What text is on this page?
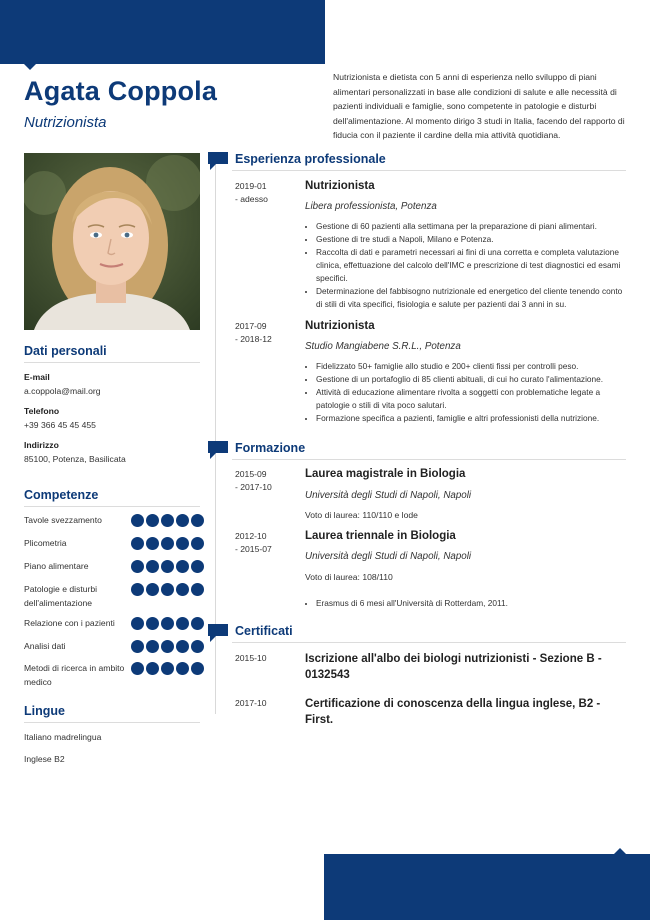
Agata Coppola
Nutrizionista
Nutrizionista e dietista con 5 anni di esperienza nello sviluppo di piani alimentari personalizzati in base alle condizioni di salute e alle necessità di pazienti individuali e famiglie, sono competente in patologie e disturbi dell'alimentazione. Al momento dirigo 3 studi in Italia, facendo del rapporto di fiducia con il paziente il cardine della mia attività quotidiana.
Dati personali
E-mail
a.coppola@mail.org
Telefono
+39 366 45 45 455
Indirizzo
85100, Potenza, Basilicata
Competenze
Tavole svezzamento
Plicometria
Piano alimentare
Patologie e disturbi dell'alimentazione
Relazione con i pazienti
Analisi dati
Metodi di ricerca in ambito medico
Lingue
Italiano madrelingua
Inglese B2
Esperienza professionale
2019-01
- adesso
Nutrizionista
Libera professionista, Potenza
• Gestione di 60 pazienti alla settimana per la preparazione di piani alimentari.
• Gestione di tre studi a Napoli, Milano e Potenza.
• Raccolta di dati e parametri necessari ai fini di una corretta e completa valutazione clinica, effettuazione del calcolo dell'IMC e prescrizione di test diagnostici ed esami specifici.
• Determinazione del fabbisogno nutrizionale ed energetico del cliente tenendo conto di stili di vita specifici, fisiologia e salute per pazienti dai 3 anni in su.
2017-09
- 2018-12
Nutrizionista
Studio Mangiabene S.R.L., Potenza
• Fidelizzato 50+ famiglie allo studio e 200+ clienti fissi per controlli peso.
• Gestione di un portafoglio di 85 clienti abituali, di cui ho curato l'alimentazione.
• Attività di educazione alimentare rivolta a soggetti con problematiche legate a patologie o stili di vita poco salutari.
• Formazione specifica a pazienti, famiglie e altri professionisti della nutrizione.
Formazione
2015-09
- 2017-10
Laurea magistrale in Biologia
Università degli Studi di Napoli, Napoli
Voto di laurea: 110/110 e lode
2012-10
- 2015-07
Laurea triennale in Biologia
Università degli Studi di Napoli, Napoli
Voto di laurea: 108/110
• Erasmus di 6 mesi all'Università di Rotterdam, 2011.
Certificati
2015-10	Iscrizione all'albo dei biologi nutrizionisti - Sezione B - 0132543
2017-10	Certificazione di conoscenza della lingua inglese, B2 - First.
